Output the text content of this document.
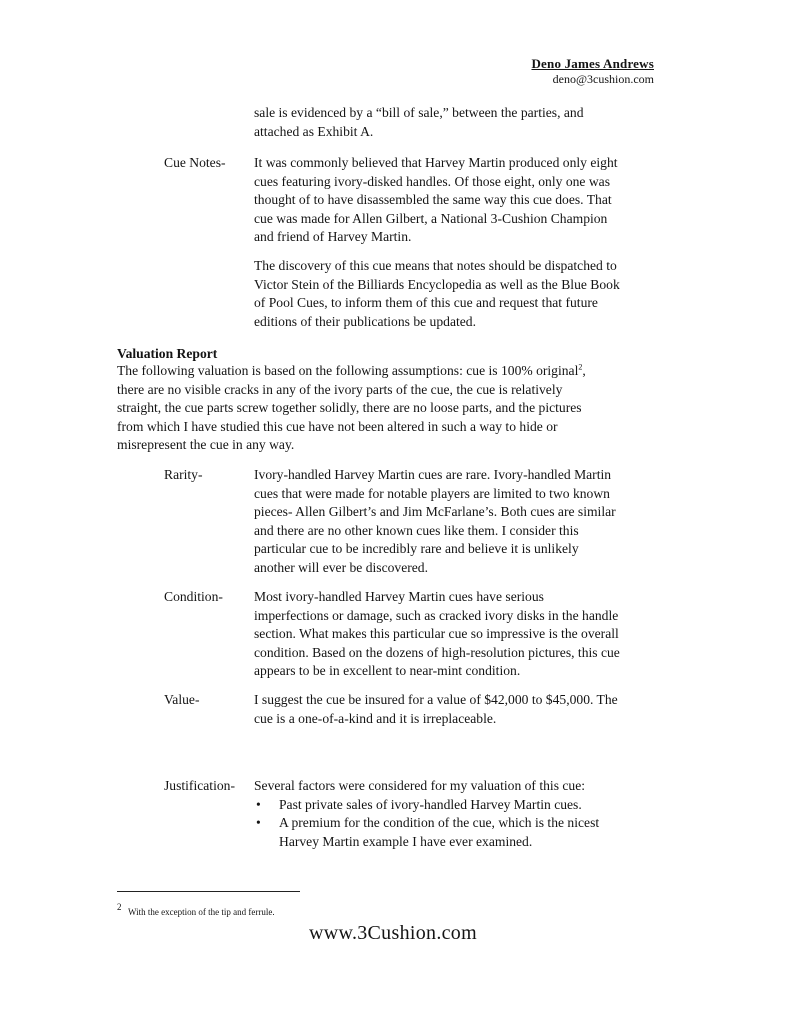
Deno James Andrews
deno@3cushion.com
sale is evidenced by a “bill of sale,” between the parties, and
attached as Exhibit A.
Cue Notes- It was commonly believed that Harvey Martin produced only eight
cues featuring ivory-disked handles. Of those eight, only one was
thought of to have disassembled the same way this cue does. That
cue was made for Allen Gilbert, a National 3-Cushion Champion
and friend of Harvey Martin.
The discovery of this cue means that notes should be dispatched to
Victor Stein of the Billiards Encyclopedia as well as the Blue Book
of Pool Cues, to inform them of this cue and request that future
editions of their publications be updated.
Valuation Report
The following valuation is based on the following assumptions: cue is 100% original$^2$,
there are no visible cracks in any of the ivory parts of the cue, the cue is relatively
straight, the cue parts screw together solidly, there are no loose parts, and the pictures
from which I have studied this cue have not been altered in such a way to hide or
misrepresent the cue in any way.
Rarity-	Ivory-handled Harvey Martin cues are rare. Ivory-handled Martin
cues that were made for notable players are limited to two known
pieces- Allen Gilbert’s and Jim McFarlane’s. Both cues are similar
and there are no other known cues like them. I consider this
particular cue to be incredibly rare and believe it is unlikely
another will ever be discovered.
Condition- Most ivory-handled Harvey Martin cues have serious
imperfections or damage, such as cracked ivory disks in the handle
section. What makes this particular cue so impressive is the overall
condition. Based on the dozens of high-resolution pictures, this cue
appears to be in excellent to near-mint condition.
Value-	I suggest the cue be insured for a value of $42,000 to $45,000. The
cue is a one-of-a-kind and it is irreplaceable.
Justification- Several factors were considered for my valuation of this cue:
• Past private sales of ivory-handled Harvey Martin cues.
• A premium for the condition of the cue, which is the nicest
Harvey Martin example I have ever examined.
2 With the exception of the tip and ferrule.
www.3Cushion.com
